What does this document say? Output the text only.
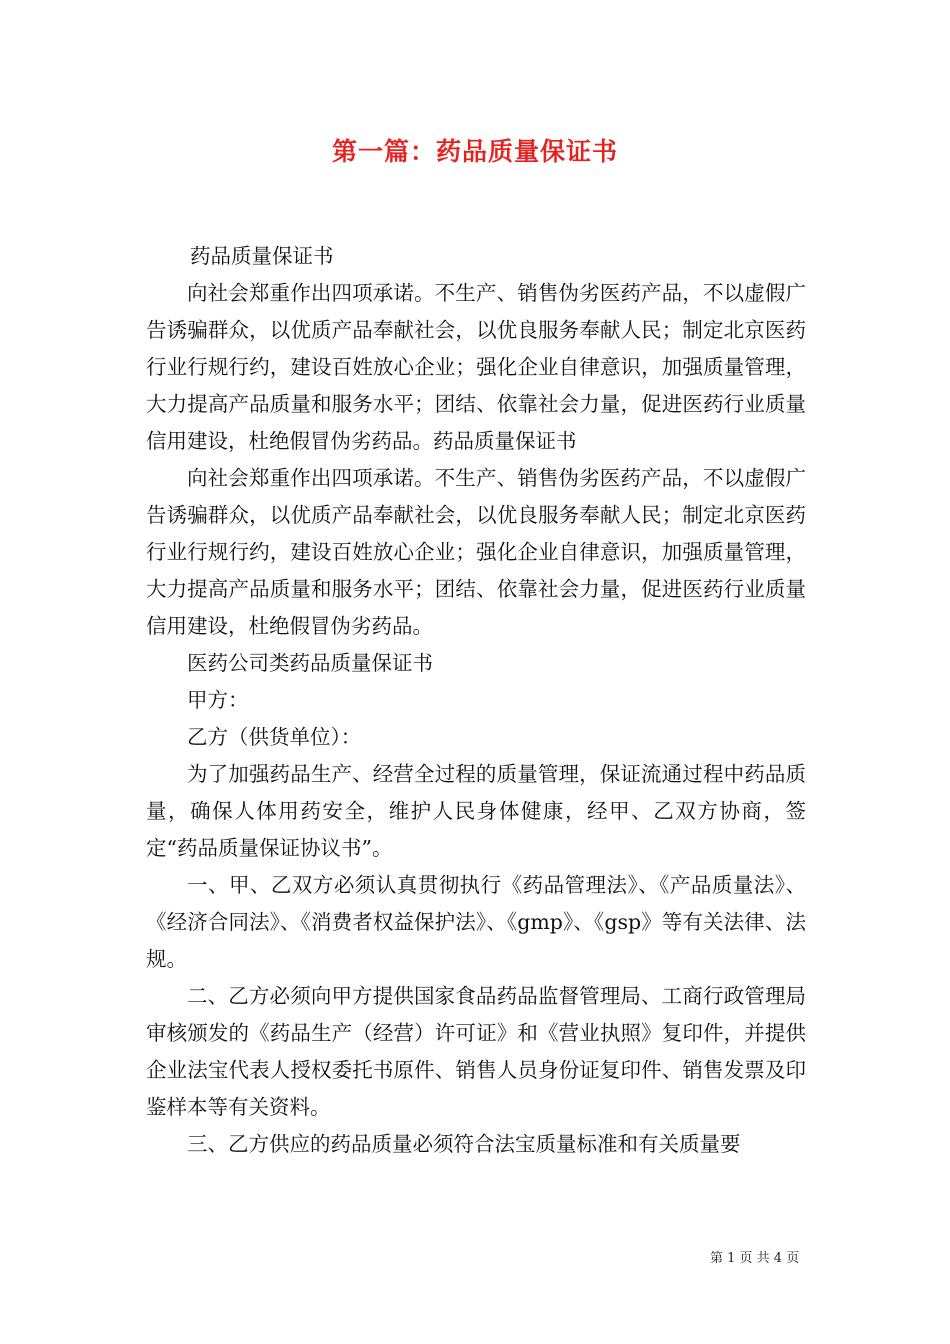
第一篇：药品质量保证书

药品质量保证书

向社会郑重作出四项承诺。不生产、销售伪劣医药产品，不以虚假广告诱骗群众，以优质产品奉献社会，以优良服务奉献人民；制定北京医药行业行规行约，建设百姓放心企业；强化企业自律意识，加强质量管理，大力提高产品质量和服务水平；团结、依靠社会力量，促进医药行业质量信用建设，杜绝假冒伪劣药品。药品质量保证书

向社会郑重作出四项承诺。不生产、销售伪劣医药产品，不以虚假广告诱骗群众，以优质产品奉献社会，以优良服务奉献人民；制定北京医药行业行规行约，建设百姓放心企业；强化企业自律意识，加强质量管理，大力提高产品质量和服务水平；团结、依靠社会力量，促进医药行业质量信用建设，杜绝假冒伪劣药品。

医药公司类药品质量保证书

甲方：

乙方（供货单位）：

为了加强药品生产、经营全过程的质量管理，保证流通过程中药品质量，确保人体用药安全，维护人民身体健康，经甲、乙双方协商，签定“药品质量保证协议书”。

一、甲、乙双方必须认真贯彻执行《药品管理法》、《产品质量法》、《经济合同法》、《消费者权益保护法》、《gmp》、《gsp》等有关法律、法规。

二、乙方必须向甲方提供国家食品药品监督管理局、工商行政管理局审核颁发的《药品生产（经营）许可证》和《营业执照》复印件，并提供企业法宝代表人授权委托书原件、销售人员身份证复印件、销售发票及印鉴样本等有关资料。

三、乙方供应的药品质量必须符合法宝质量标准和有关质量要

第 1 页 共 4 页
